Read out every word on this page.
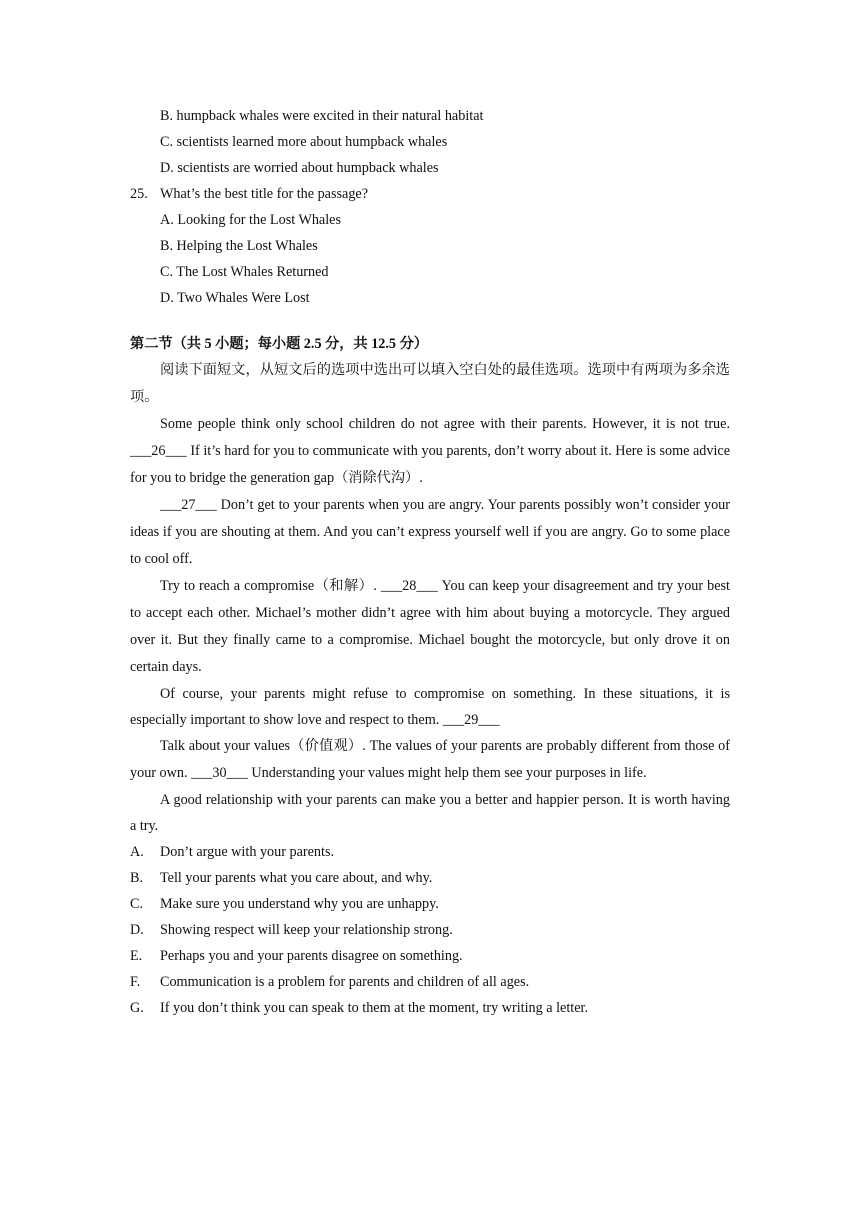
B. humpback whales were excited in their natural habitat
C. scientists learned more about humpback whales
D. scientists are worried about humpback whales
25. What’s the best title for the passage?
A. Looking for the Lost Whales
B. Helping the Lost Whales
C. The Lost Whales Returned
D. Two Whales Were Lost
第二节（共 5 小题；每小题 2.5 分，共 12.5 分）

阅读下面短文，从短文后的选项中选出可以填入空白处的最佳选项。选项中有两项为多余选项。

Some people think only school children do not agree with their parents. However, it is not true. ___26___ If it’s hard for you to communicate with you parents, don’t worry about it. Here is some advice for you to bridge the generation gap（消除代沟）.

___27___ Don’t get to your parents when you are angry. Your parents possibly won’t consider your ideas if you are shouting at them. And you can’t express yourself well if you are angry. Go to some place to cool off.

Try to reach a compromise（和解）. ___28___ You can keep your disagreement and try your best to accept each other. Michael’s mother didn’t agree with him about buying a motorcycle. They argued over it. But they finally came to a compromise. Michael bought the motorcycle, but only drove it on certain days.

Of course, your parents might refuse to compromise on something. In these situations, it is especially important to show love and respect to them. ___29___

Talk about your values（价值观）. The values of your parents are probably different from those of your own. ___30___ Understanding your values might help them see your purposes in life.

A good relationship with your parents can make you a better and happier person. It is worth having a try.

A.	Don’t argue with your parents.
B.	Tell your parents what you care about, and why.
C.	Make sure you understand why you are unhappy.
D.	Showing respect will keep your relationship strong.
E.	Perhaps you and your parents disagree on something.
F.	Communication is a problem for parents and children of all ages.
G.	If you don’t think you can speak to them at the moment, try writing a letter.
